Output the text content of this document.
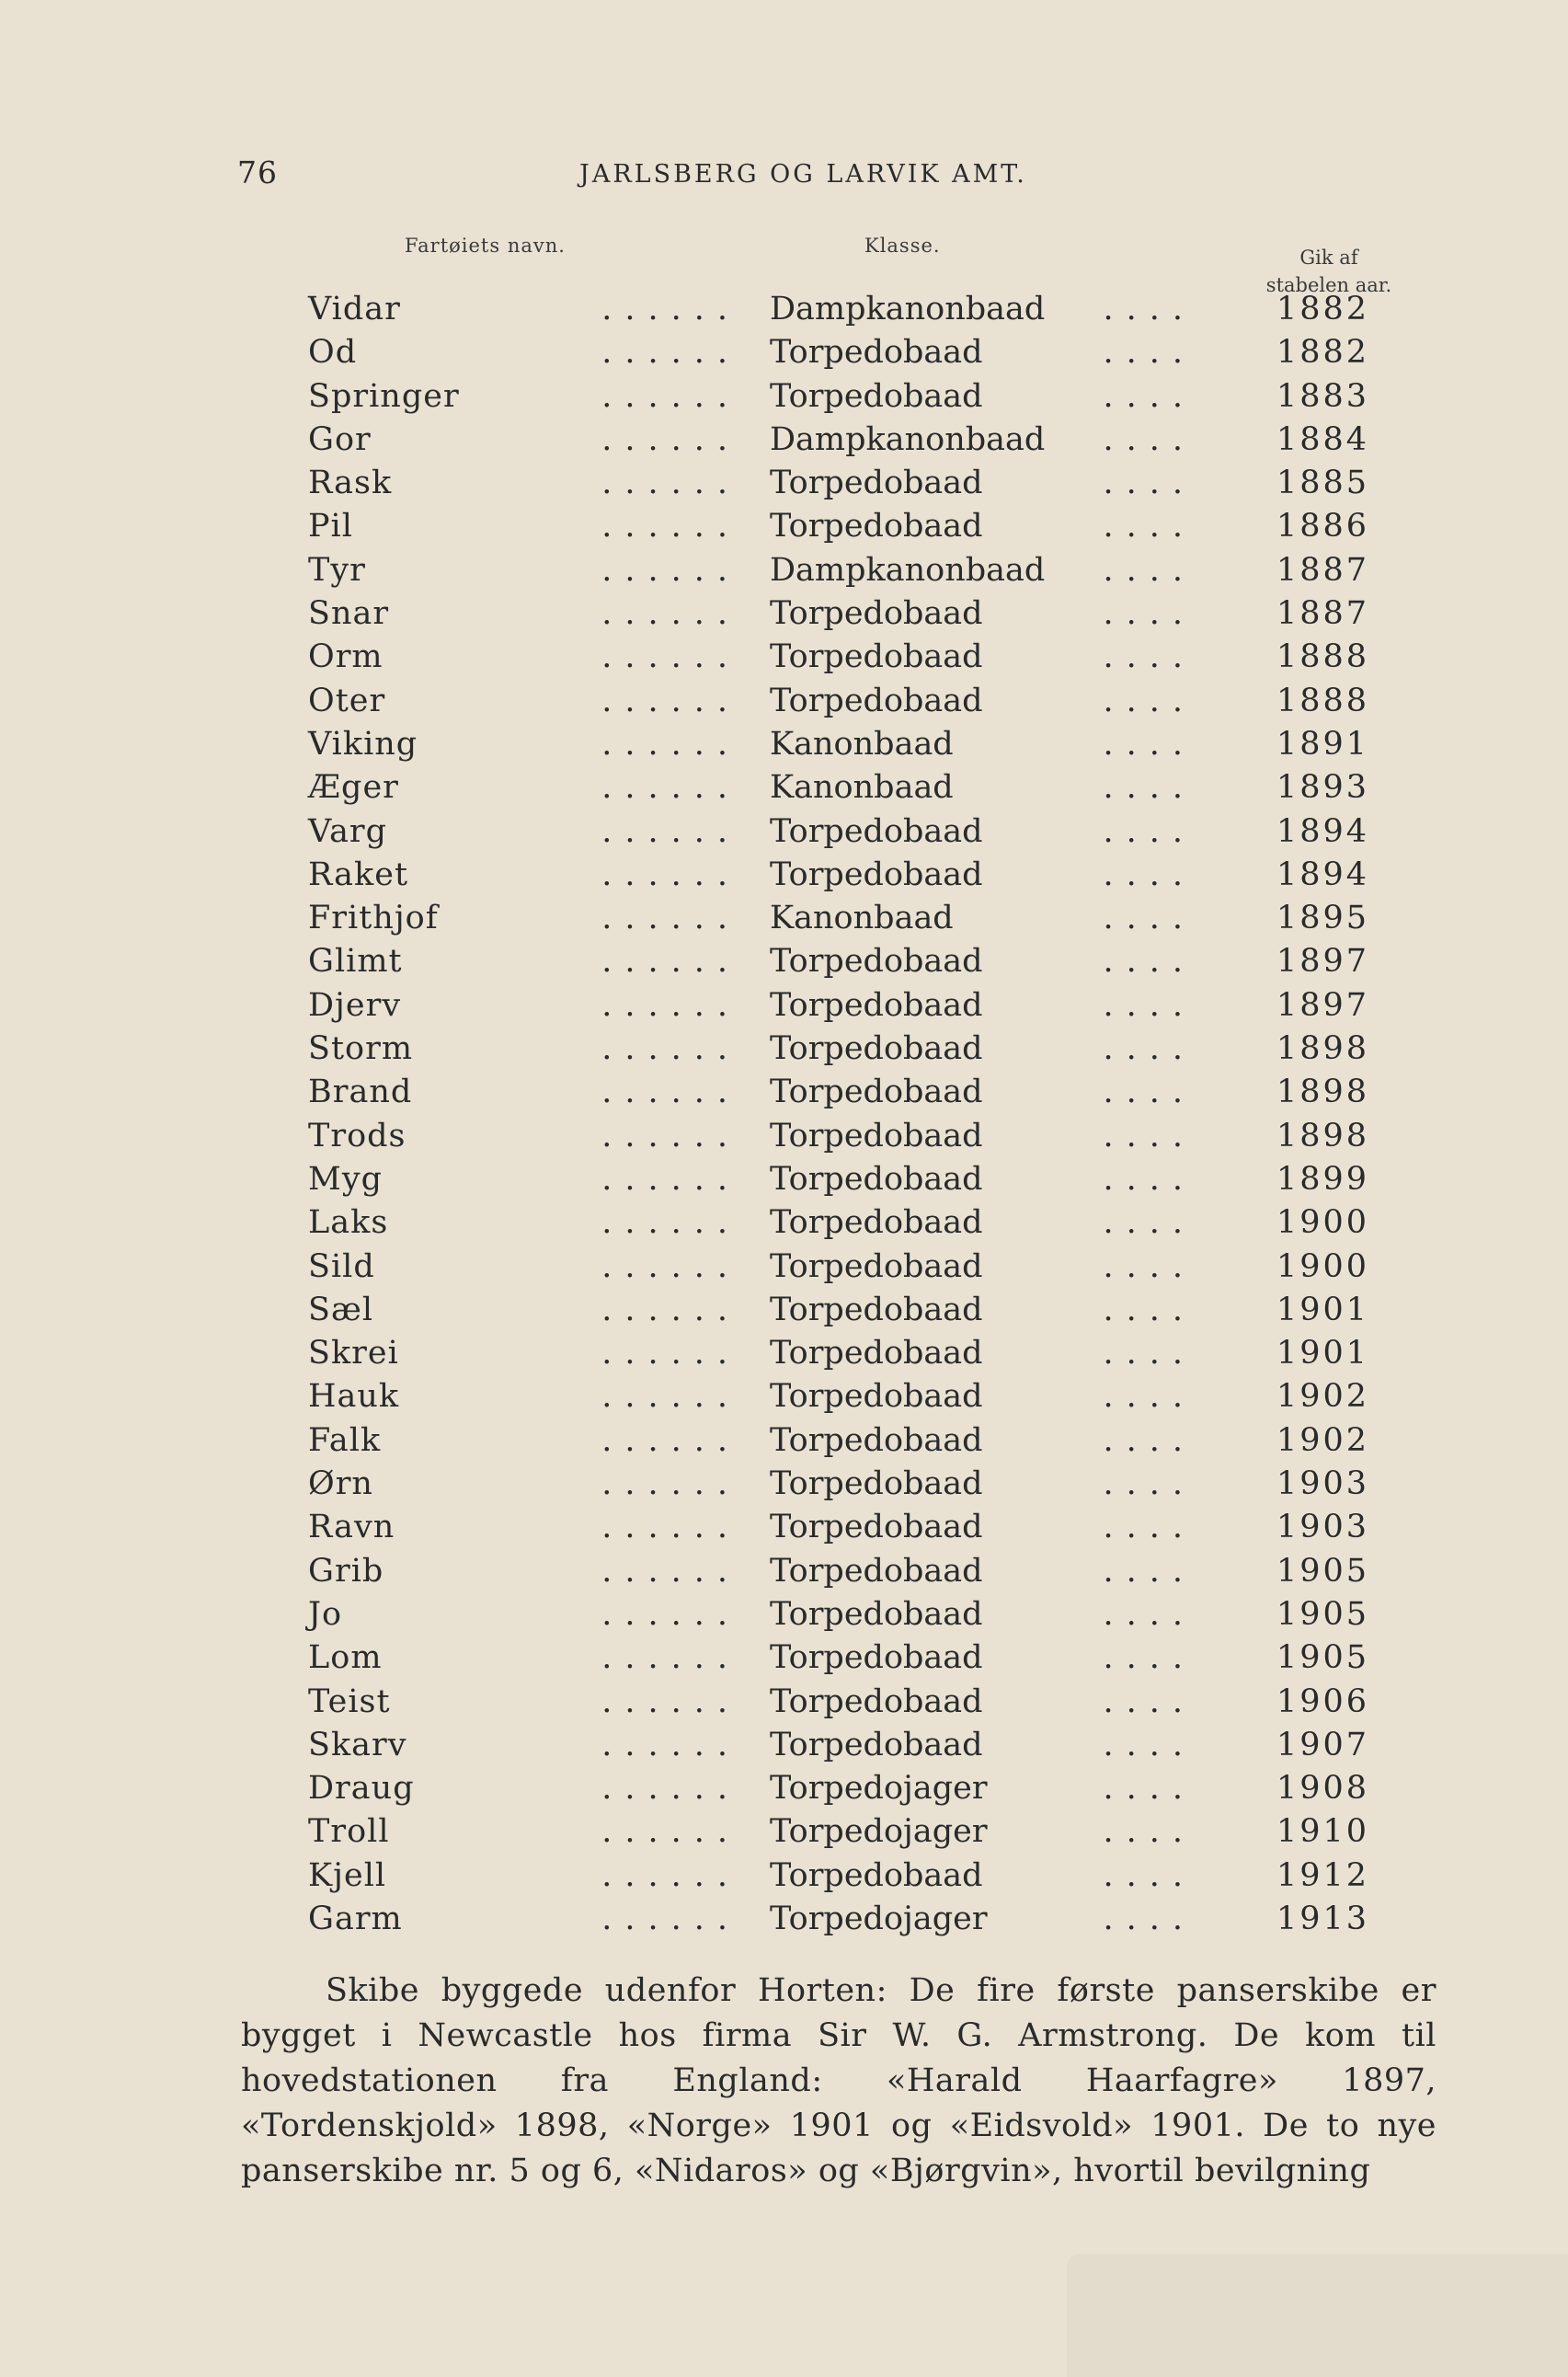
76	JARLSBERG OG LARVIK AMT.
Fartøiets navn.	Klasse.
Gik af
stabelen aar.
Vidar	...... Dampkanonbaad	....	1882
Od	...... Torpedobaad	....	1882
Springer	...... Torpedobaad	....	1883
Gor	...... Dampkanonbaad	....	1884
Rask	...... Torpedobaad	....	1885
Pil	...... Torpedobaad	....	1886
Tyr	...... Dampkanonbaad	....	1887
Snar	...... Torpedobaad	....	1887
Orm	...... Torpedobaad	....	1888
Oter	...... Torpedobaad	....	1888
Viking	...... Kanonbaad	....	1891
Æger	...... Kanonbaad	....	1893
Varg	...... Torpedobaad	....	1894
Raket	...... Torpedobaad	....	1894
Frithjof	...... Kanonbaad	....	1895
Glimt	...... Torpedobaad	....	1897
Djerv	...... Torpedobaad	....	1897
Storm	...... Torpedobaad	....	1898
Brand	...... Torpedobaad	....	1898
Trods	...... Torpedobaad	....	1898
Myg	...... Torpedobaad	....	1899
Laks	...... Torpedobaad	....	1900
Sild	...... Torpedobaad	....	1900
Sæl	...... Torpedobaad	....	1901
Skrei	...... Torpedobaad	....	1901
Hauk	...... Torpedobaad	....	1902
Falk	...... Torpedobaad	....	1902
Ørn	...... Torpedobaad	....	1903
Ravn	...... Torpedobaad	....	1903
Grib	...... Torpedobaad	....	1905
Jo	...... Torpedobaad	....	1905
Lom	...... Torpedobaad	....	1905
Teist	...... Torpedobaad	....	1906
Skarv	...... Torpedobaad	....	1907
Draug	...... Torpedojager	....	1908
Troll	...... Torpedojager	....	1910
Kjell	...... Torpedobaad	....	1912
Garm	...... Torpedojager	....	1913
Skibe byggede udenfor Horten: De fire første panserskibe er bygget i Newcastle hos firma Sir W. G. Armstrong. De kom til hovedstationen fra England: «Harald Haarfagre» 1897, «Tordenskjold» 1898, «Norge» 1901 og «Eidsvold» 1901. De to nye panserskibe nr. 5 og 6, «Nidaros» og «Bjørgvin», hvortil bevilgning
